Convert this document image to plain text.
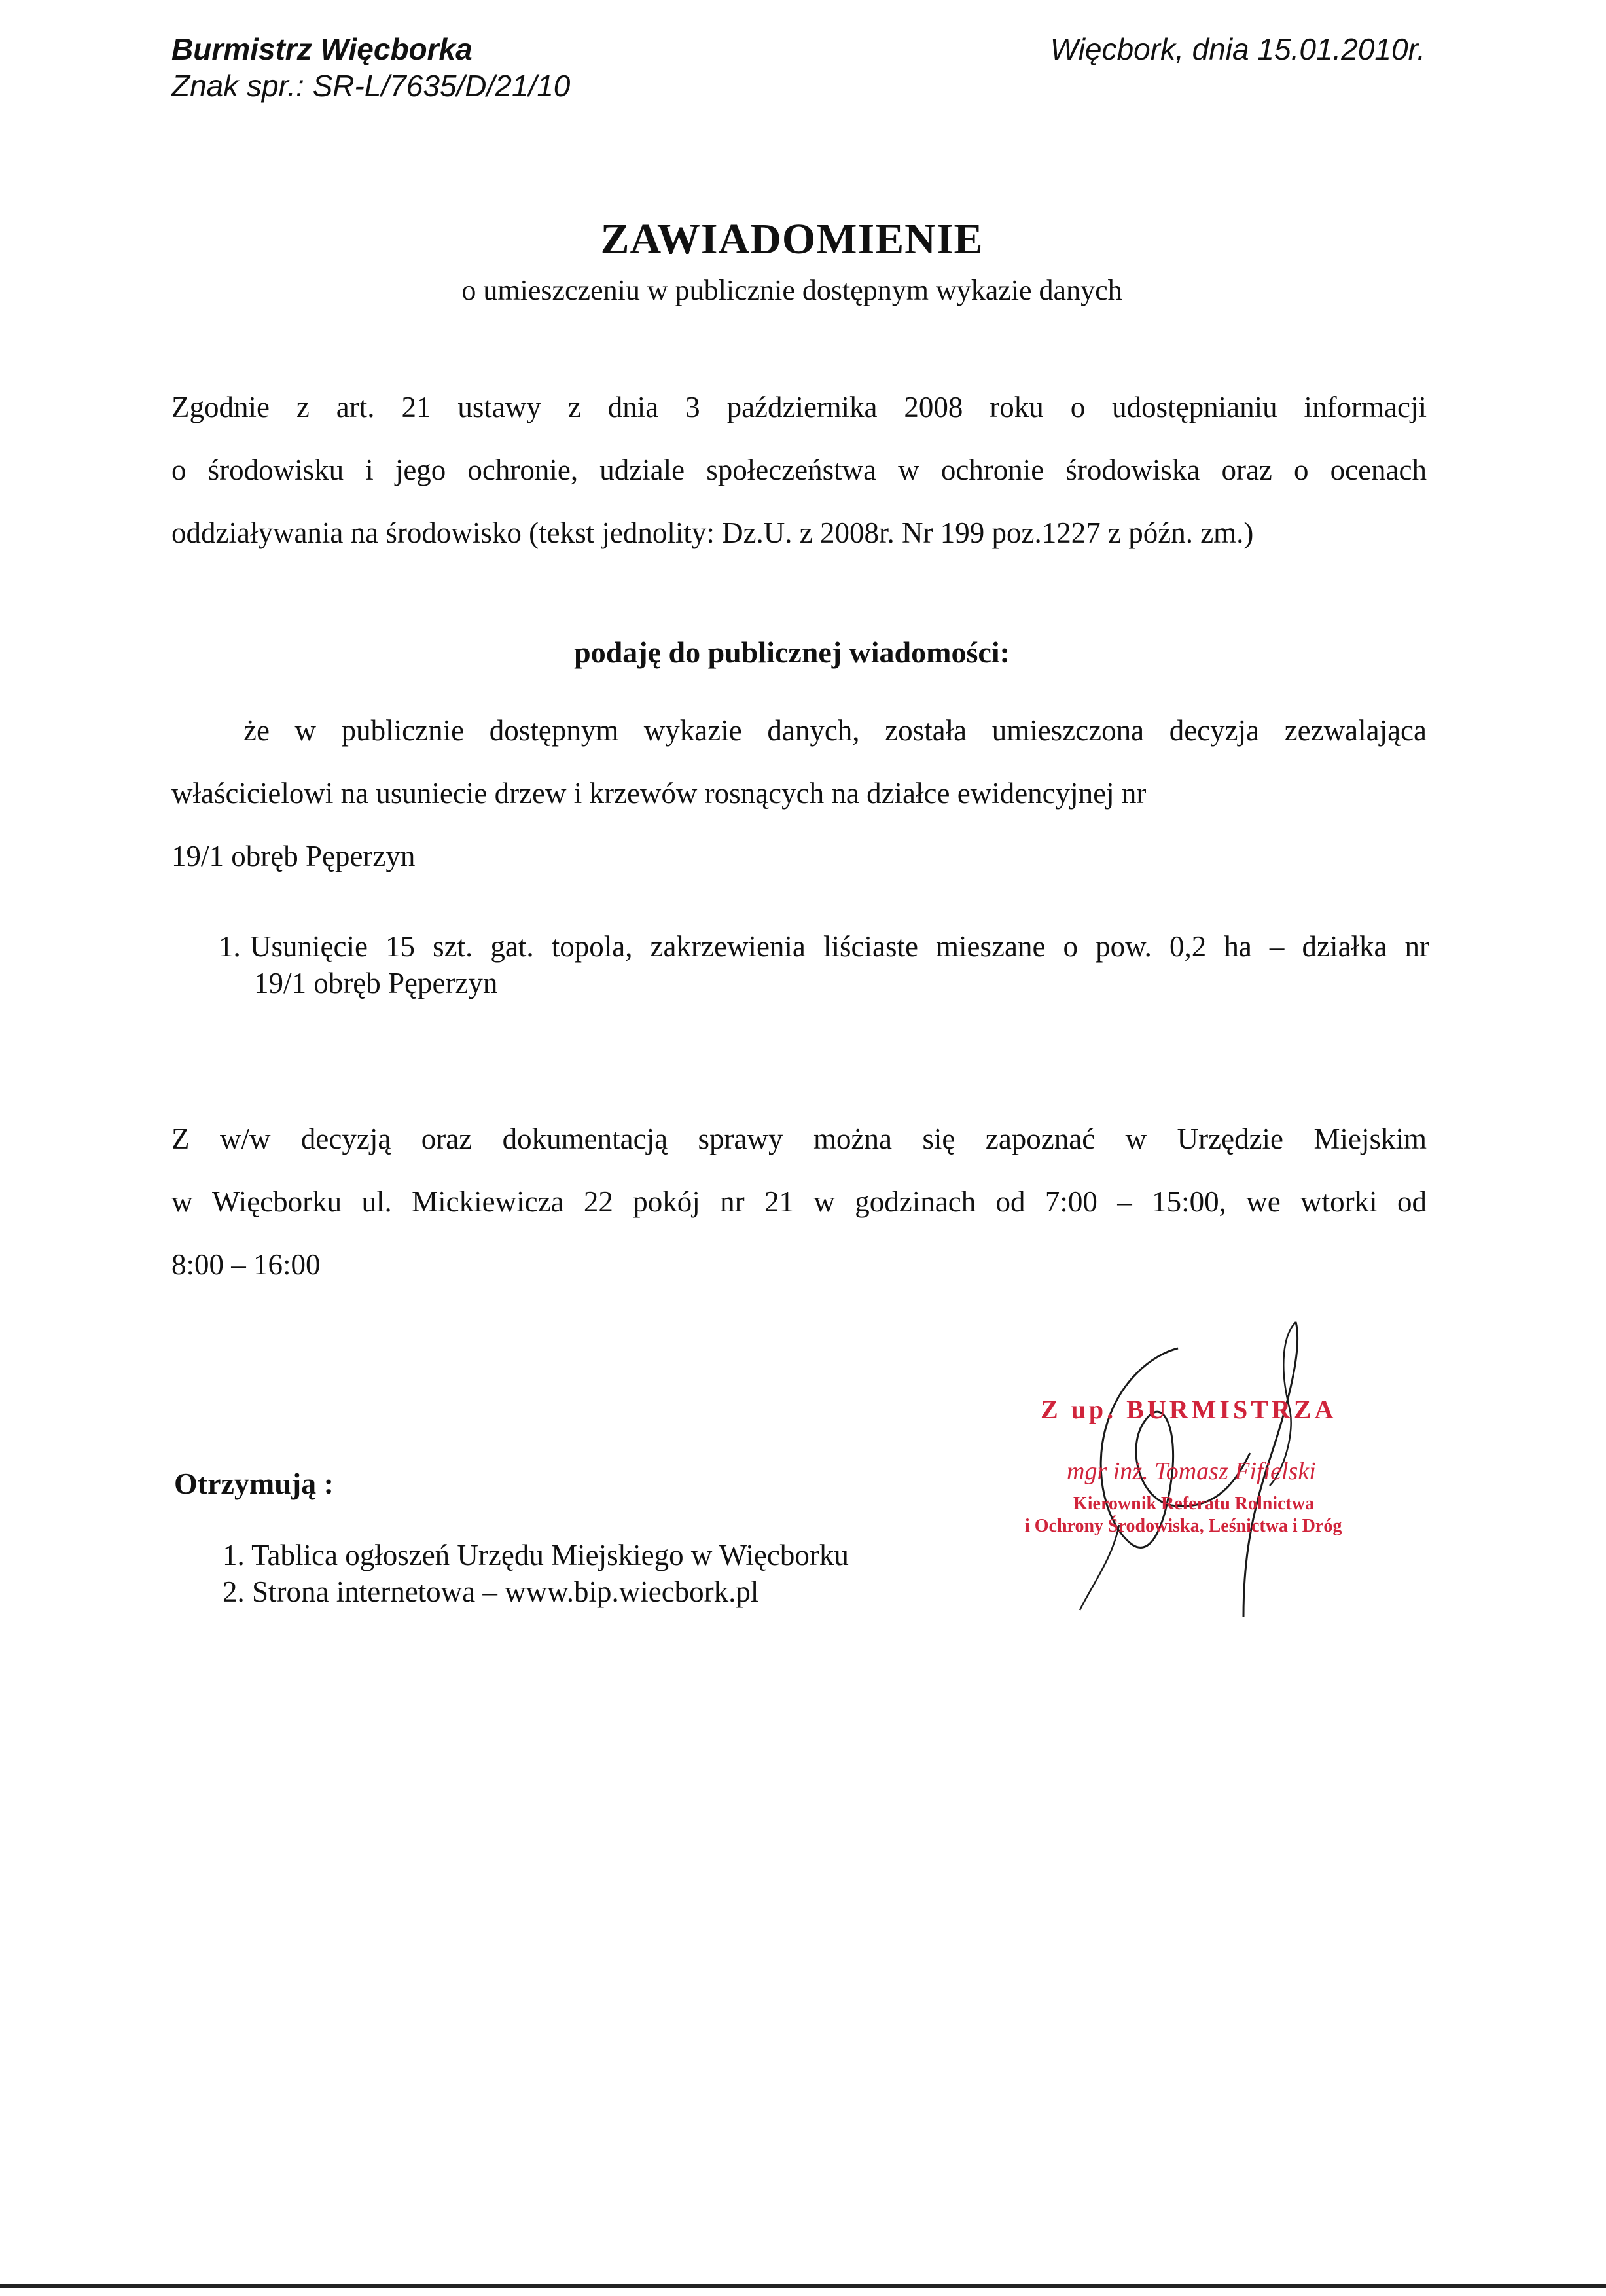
Burmistrz Więcborka
Znak spr.: SR-L/7635/D/21/10
Więcbork, dnia 15.01.2010r.
ZAWIADOMIENIE
o umieszczeniu w publicznie dostępnym wykazie danych
Zgodnie z art. 21 ustawy z dnia 3 października 2008 roku o udostępnianiu informacji
o środowisku i jego ochronie, udziale społeczeństwa w ochronie środowiska oraz o ocenach
oddziaływania na środowisko (tekst jednolity: Dz.U. z 2008r. Nr 199 poz.1227 z późn. zm.)
podaję do publicznej wiadomości:
że w publicznie dostępnym wykazie danych, została umieszczona decyzja zezwalająca
właścicielowi na usuniecie drzew i krzewów rosnących na działce ewidencyjnej nr
19/1 obręb Pęperzyn
1. Usunięcie 15 szt. gat. topola, zakrzewienia liściaste mieszane o pow. 0,2 ha – działka nr
19/1 obręb Pęperzyn
Z w/w decyzją oraz dokumentacją sprawy można się zapoznać w Urzędzie Miejskim
w Więcborku ul. Mickiewicza 22 pokój nr 21 w godzinach od 7:00 – 15:00, we wtorki od
8:00 – 16:00
Z up. BURMISTRZA
mgr inż. Tomasz Fifielski
Kierownik Referatu Rolnictwa
i Ochrony Środowiska, Leśnictwa i Dróg
Otrzymują :
1. Tablica ogłoszeń Urzędu Miejskiego w Więcborku
2. Strona internetowa – www.bip.wiecbork.pl
